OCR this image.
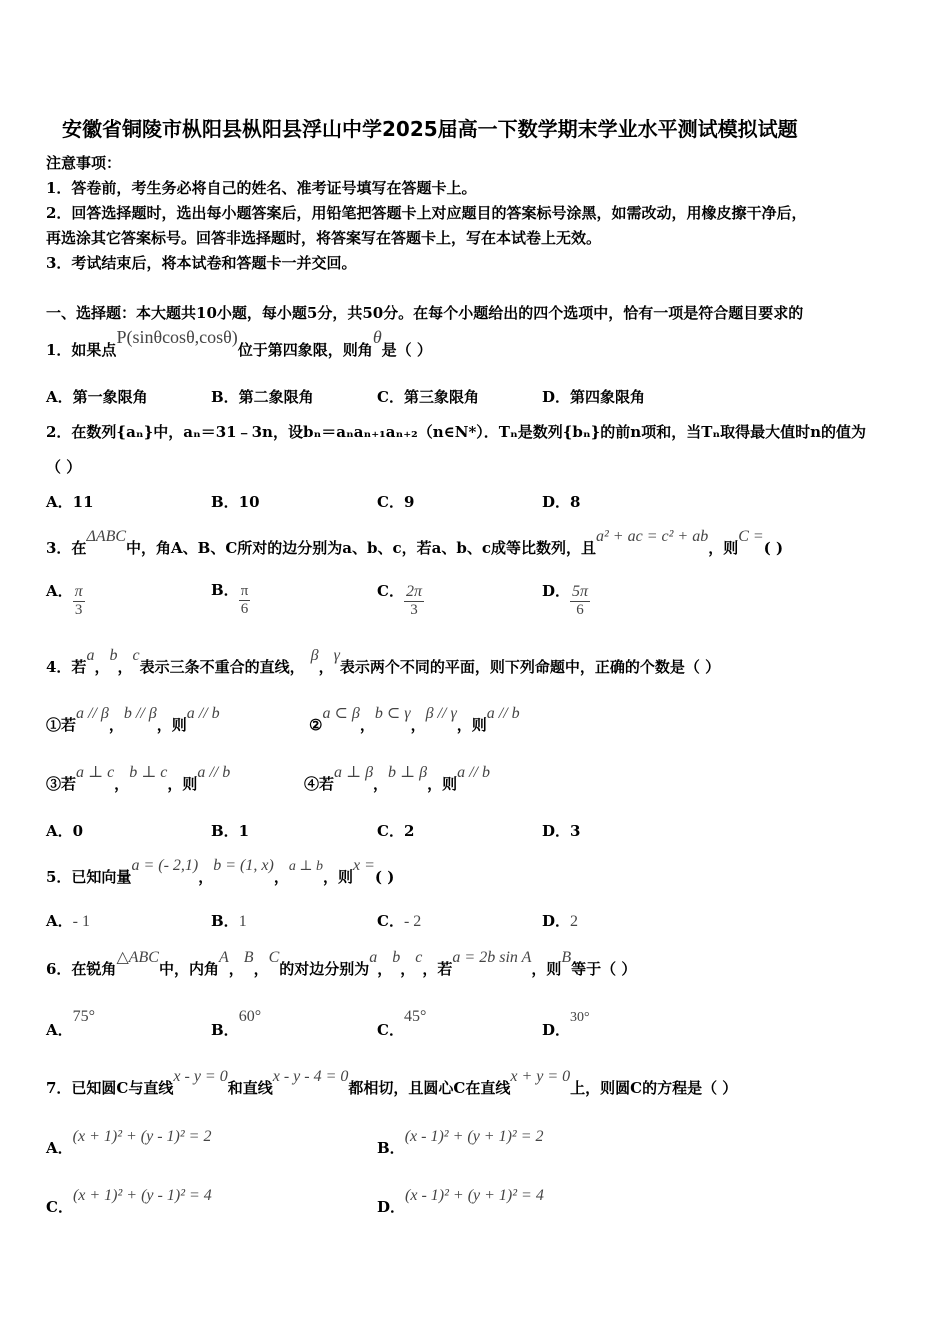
安徽省铜陵市枞阳县枞阳县浮山中学2025届高一下数学期末学业水平测试模拟试题
注意事项：
1．答卷前，考生务必将自己的姓名、准考证号填写在答题卡上。
2．回答选择题时，选出每小题答案后，用铅笔把答题卡上对应题目的答案标号涂黑，如需改动，用橡皮擦干净后，
再选涂其它答案标号。回答非选择题时，将答案写在答题卡上，写在本试卷上无效。
3．考试结束后，将本试卷和答题卡一并交回。
一、选择题：本大题共10小题，每小题5分，共50分。在每个小题给出的四个选项中，恰有一项是符合题目要求的
1．如果点P(sinθcosθ,cosθ)位于第四象限，则角θ是（ ）
A．第一象限角	B．第二象限角	C．第三象限角	D．第四象限角
2．在数列{aₙ}中，aₙ＝31﹣3n，设bₙ＝aₙaₙ₊₁aₙ₊₂（n∈N*）．Tₙ是数列{bₙ}的前n项和，当Tₙ取得最大值时n的值为
（ ）
A．11	B．10	C．9	D．8
3．在ΔABC中，角A、B、C所对的边分别为a、b、c，若a、b、c成等比数列，且a² + ac = c² + ab，则C =( )
A． $\frac{\pi}{3}$	B． $\frac{\pi}{6}$	C． $\frac{2\pi}{3}$	D． $\frac{5\pi}{6}$
4．若a，b，c表示三条不重合的直线，β，γ表示两个不同的平面，则下列命题中，正确的个数是（ ）
①若a // β，b // β，则a // b
②a ⊂ β，b ⊂ γ，β // γ，则a // b
③若a ⊥ c，b ⊥ c，则a // b
④若a ⊥ β，b ⊥ β，则a // b
A．0	B．1	C．2	D．3
5．已知向量a = (- 2,1)，b = (1, x)，a ⊥ b，则x =( )
A．- 1	B．1	C．- 2	D．2
6．在锐角△ABC中，内角A，B，C的对边分别为a，b，c，若a = 2b sin A，则B等于（ ）
A．75°
B．60°
C．45°
D．30°
7．已知圆C与直线x - y = 0和直线x - y - 4 = 0都相切，且圆心C在直线x + y = 0上，则圆C的方程是（ ）
A．(x + 1)² + (y - 1)² = 2
B．(x - 1)² + (y + 1)² = 2
C．(x + 1)² + (y - 1)² = 4
D．(x - 1)² + (y + 1)² = 4
